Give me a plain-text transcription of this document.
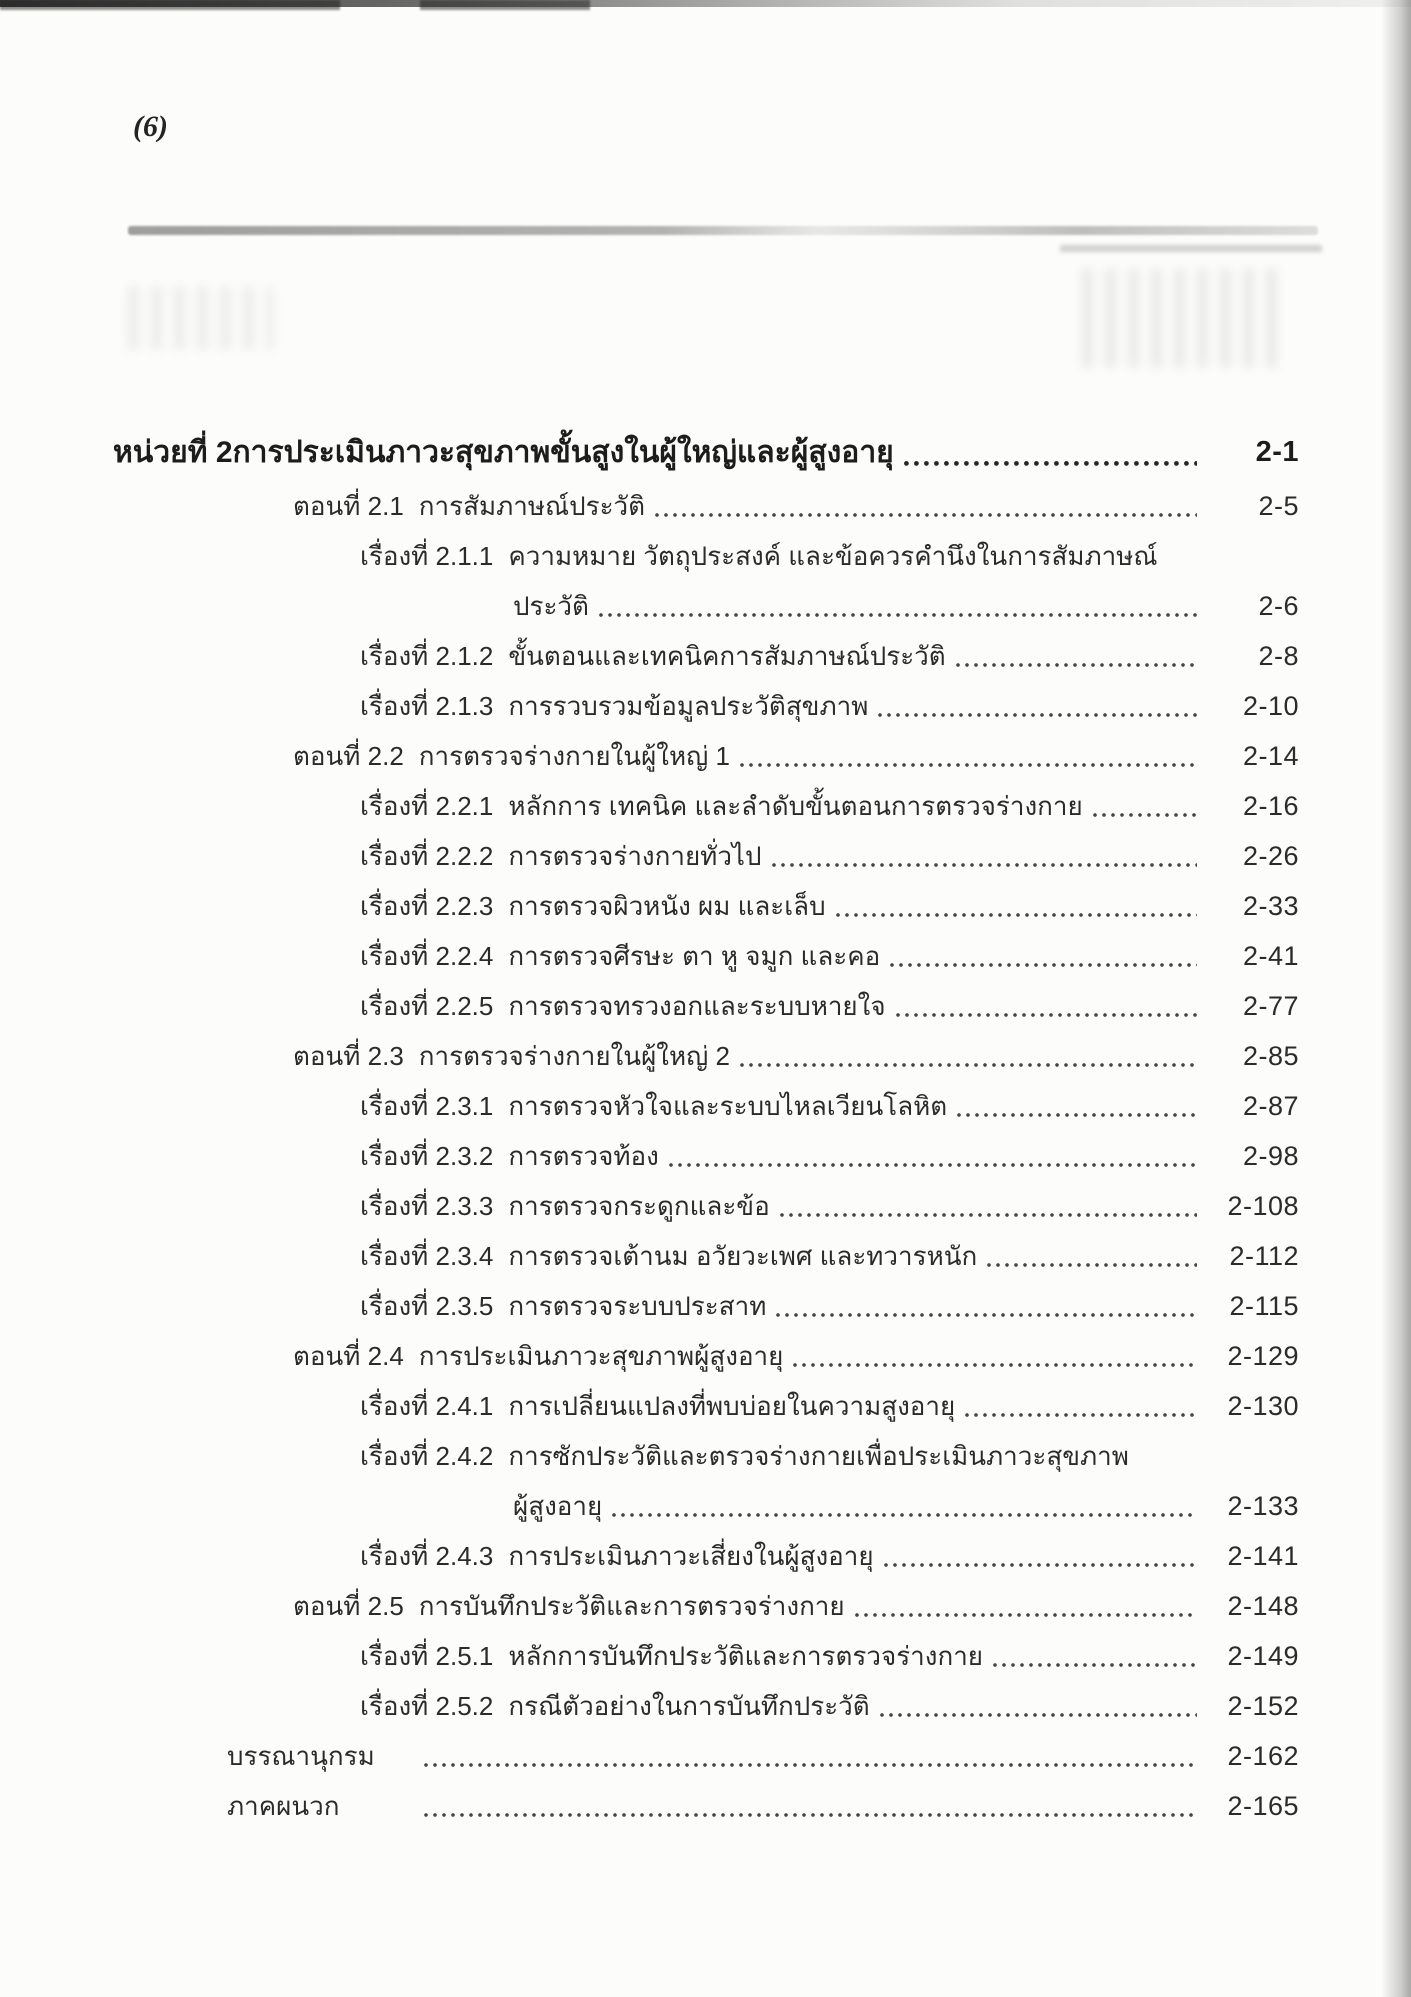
(6)
หน่วยที่ 2 การประเมินภาวะสุขภาพขั้นสูงในผู้ใหญ่และผู้สูงอายุ	2-1
ตอนที่ 2.1 การสัมภาษณ์ประวัติ	2-5
เรื่องที่ 2.1.1 ความหมาย วัตถุประสงค์ และข้อควรคำนึงในการสัมภาษณ์
ประวัติ	2-6
เรื่องที่ 2.1.2 ขั้นตอนและเทคนิคการสัมภาษณ์ประวัติ	2-8
เรื่องที่ 2.1.3 การรวบรวมข้อมูลประวัติสุขภาพ	2-10
ตอนที่ 2.2 การตรวจร่างกายในผู้ใหญ่ 1	2-14
เรื่องที่ 2.2.1 หลักการ เทคนิค และลำดับขั้นตอนการตรวจร่างกาย	2-16
เรื่องที่ 2.2.2 การตรวจร่างกายทั่วไป	2-26
เรื่องที่ 2.2.3 การตรวจผิวหนัง ผม และเล็บ	2-33
เรื่องที่ 2.2.4 การตรวจศีรษะ ตา หู จมูก และคอ	2-41
เรื่องที่ 2.2.5 การตรวจทรวงอกและระบบหายใจ	2-77
ตอนที่ 2.3 การตรวจร่างกายในผู้ใหญ่ 2	2-85
เรื่องที่ 2.3.1 การตรวจหัวใจและระบบไหลเวียนโลหิต	2-87
เรื่องที่ 2.3.2 การตรวจท้อง	2-98
เรื่องที่ 2.3.3 การตรวจกระดูกและข้อ	2-108
เรื่องที่ 2.3.4 การตรวจเต้านม อวัยวะเพศ และทวารหนัก	2-112
เรื่องที่ 2.3.5 การตรวจระบบประสาท	2-115
ตอนที่ 2.4 การประเมินภาวะสุขภาพผู้สูงอายุ	2-129
เรื่องที่ 2.4.1 การเปลี่ยนแปลงที่พบบ่อยในความสูงอายุ	2-130
เรื่องที่ 2.4.2 การซักประวัติและตรวจร่างกายเพื่อประเมินภาวะสุขภาพ
ผู้สูงอายุ	2-133
เรื่องที่ 2.4.3 การประเมินภาวะเสี่ยงในผู้สูงอายุ	2-141
ตอนที่ 2.5 การบันทึกประวัติและการตรวจร่างกาย	2-148
เรื่องที่ 2.5.1 หลักการบันทึกประวัติและการตรวจร่างกาย	2-149
เรื่องที่ 2.5.2 กรณีตัวอย่างในการบันทึกประวัติ	2-152
บรรณานุกรม	2-162
ภาคผนวก	2-165
